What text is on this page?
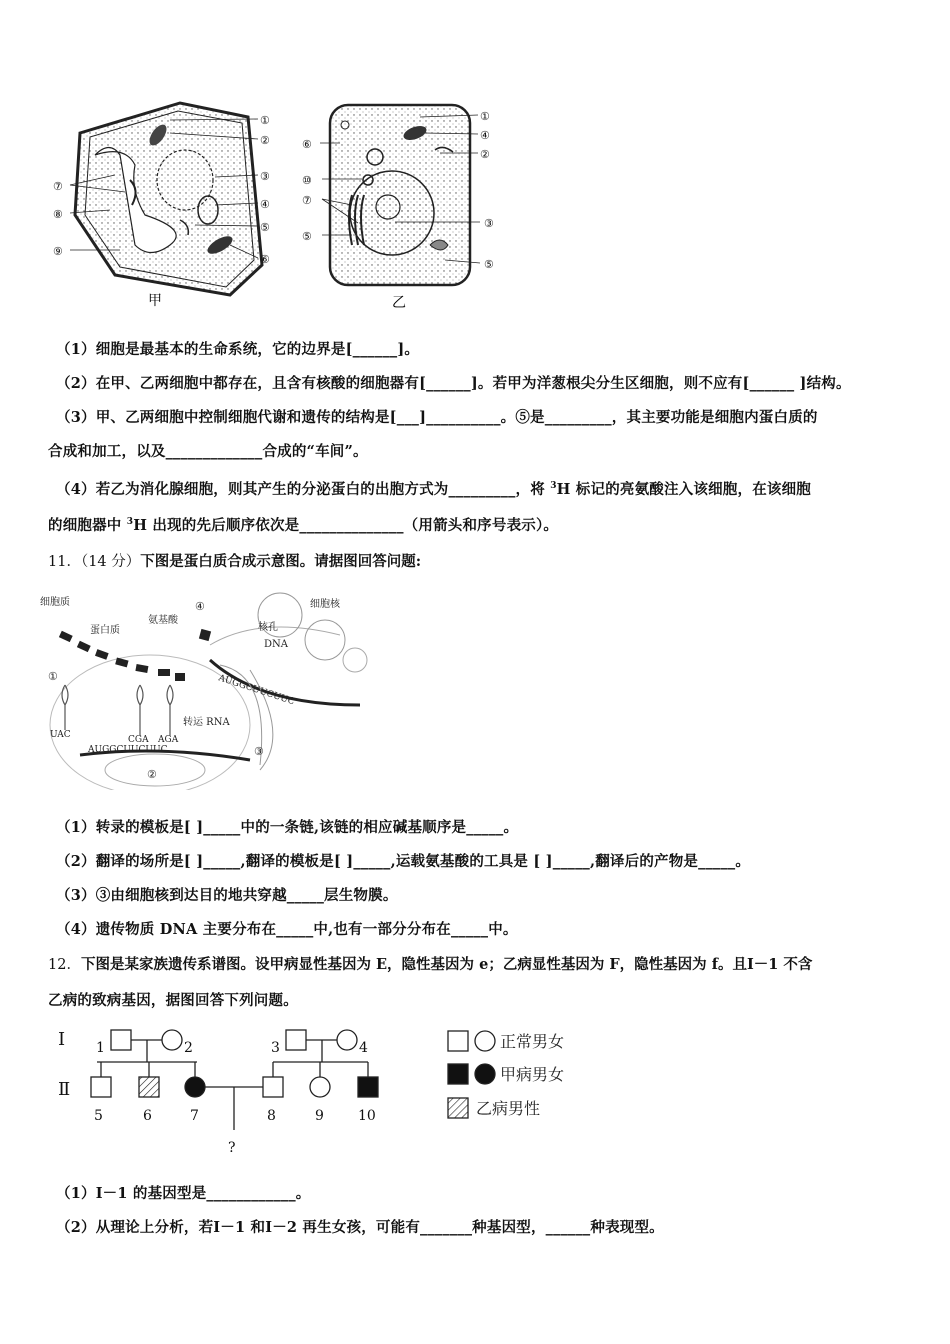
①
②
③
④
⑤
⑥
⑦
⑧
⑨
甲
①
④
②
⑥
⑩
⑦
⑤
③
⑤
乙
（1）细胞是最基本的生命系统，它的边界是[______]。
（2）在甲、乙两细胞中都存在，且含有核酸的细胞器有[______]。若甲为洋葱根尖分生区细胞，则不应有[______ ]结构。
（3）甲、乙两细胞中控制细胞代谢和遗传的结构是[___]__________。⑤是_________，其主要功能是细胞内蛋白质的
合成和加工，以及_____________合成的“车间”。
（4）若乙为消化腺细胞，则其产生的分泌蛋白的出胞方式为_________，将 $^3$H 标记的亮氨酸注入该细胞，在该细胞
的细胞器中 $^3$H 出现的先后顺序依次是______________（用箭头和序号表示）。
11．（14 分）下图是蛋白质合成示意图。请据图回答问题:
细胞质
蛋白质
氨基酸
细胞核
核孔
DNA
转运 RNA
AUGGCUUCUUC
AUGGCUUCUUC
UAC	CGA AGA
①
②
③
④
（1）转录的模板是[ ]_____中的一条链,该链的相应碱基顺序是_____。
（2）翻译的场所是[ ]_____,翻译的模板是[ ]_____,运载氨基酸的工具是 [ ]_____,翻译后的产物是_____。
（3）③由细胞核到达目的地共穿越_____层生物膜。
（4）遗传物质 DNA 主要分布在_____中,也有一部分分布在_____中。
12．下图是某家族遗传系谱图。设甲病显性基因为 E，隐性基因为 e；乙病显性基因为 F，隐性基因为 f。且Ⅰ－1 不含
乙病的致病基因，据图回答下列问题。
Ⅰ
Ⅱ
1	2
5	6	7
3	4
8	9 10
?
正常男女
甲病男女
乙病男性
（1）Ⅰ－1 的基因型是____________。
（2）从理论上分析，若Ⅰ－1 和Ⅰ－2 再生女孩，可能有_______种基因型，______种表现型。
